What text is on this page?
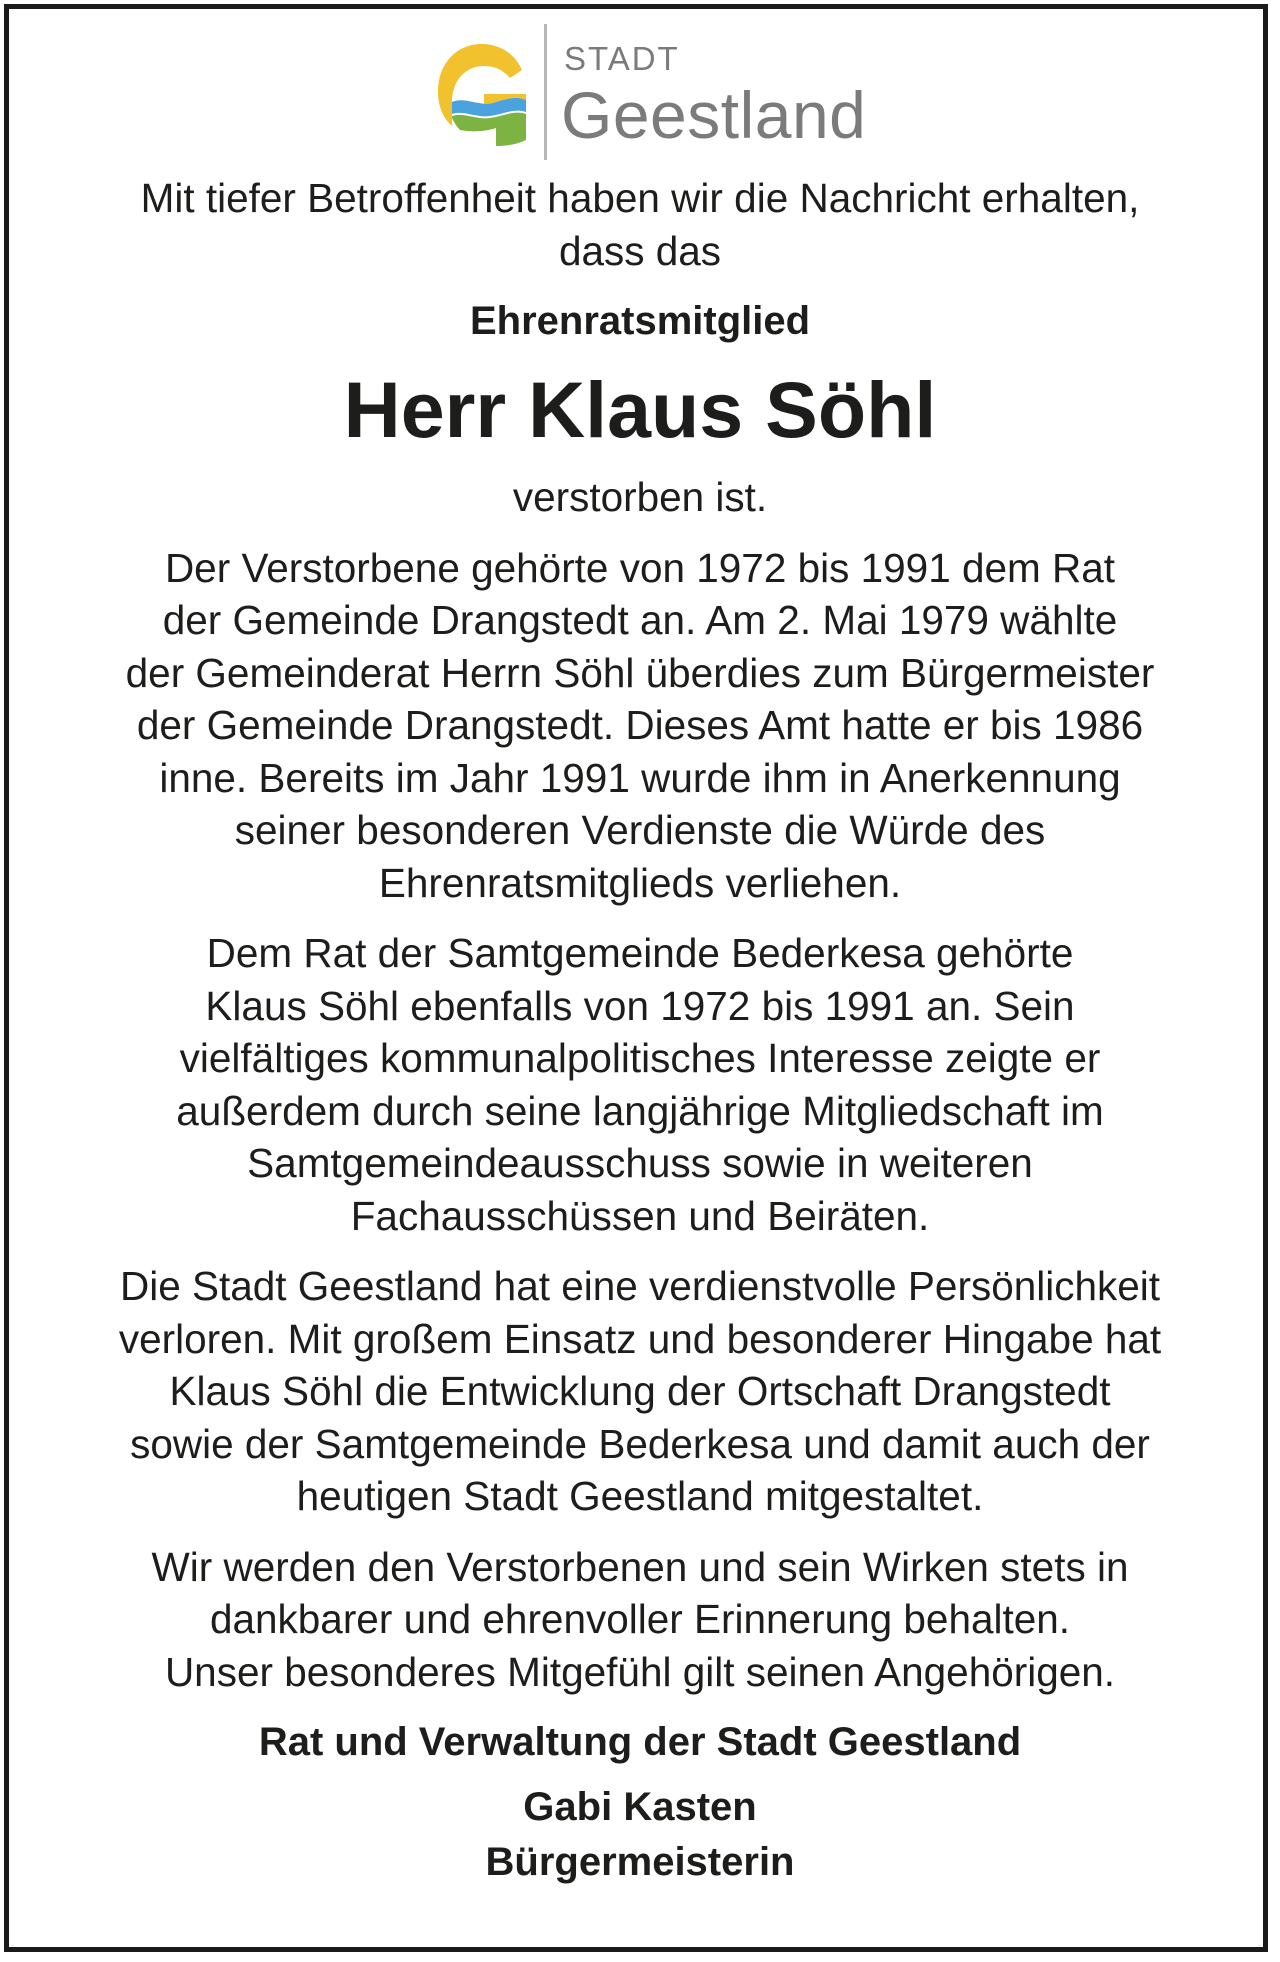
STADT
Geestland

Mit tiefer Betroffenheit haben wir die Nachricht erhalten,
dass das

Ehrenratsmitglied

Herr Klaus Söhl

verstorben ist.

Der Verstorbene gehörte von 1972 bis 1991 dem Rat
der Gemeinde Drangstedt an. Am 2. Mai 1979 wählte
der Gemeinderat Herrn Söhl überdies zum Bürgermeister
der Gemeinde Drangstedt. Dieses Amt hatte er bis 1986
inne. Bereits im Jahr 1991 wurde ihm in Anerkennung
seiner besonderen Verdienste die Würde des
Ehrenratsmitglieds verliehen.

Dem Rat der Samtgemeinde Bederkesa gehörte
Klaus Söhl ebenfalls von 1972 bis 1991 an. Sein
vielfältiges kommunalpolitisches Interesse zeigte er
außerdem durch seine langjährige Mitgliedschaft im
Samtgemeindeausschuss sowie in weiteren
Fachausschüssen und Beiräten.

Die Stadt Geestland hat eine verdienstvolle Persönlichkeit
verloren. Mit großem Einsatz und besonderer Hingabe hat
Klaus Söhl die Entwicklung der Ortschaft Drangstedt
sowie der Samtgemeinde Bederkesa und damit auch der
heutigen Stadt Geestland mitgestaltet.

Wir werden den Verstorbenen und sein Wirken stets in
dankbarer und ehrenvoller Erinnerung behalten.
Unser besonderes Mitgefühl gilt seinen Angehörigen.

Rat und Verwaltung der Stadt Geestland

Gabi Kasten

Bürgermeisterin
